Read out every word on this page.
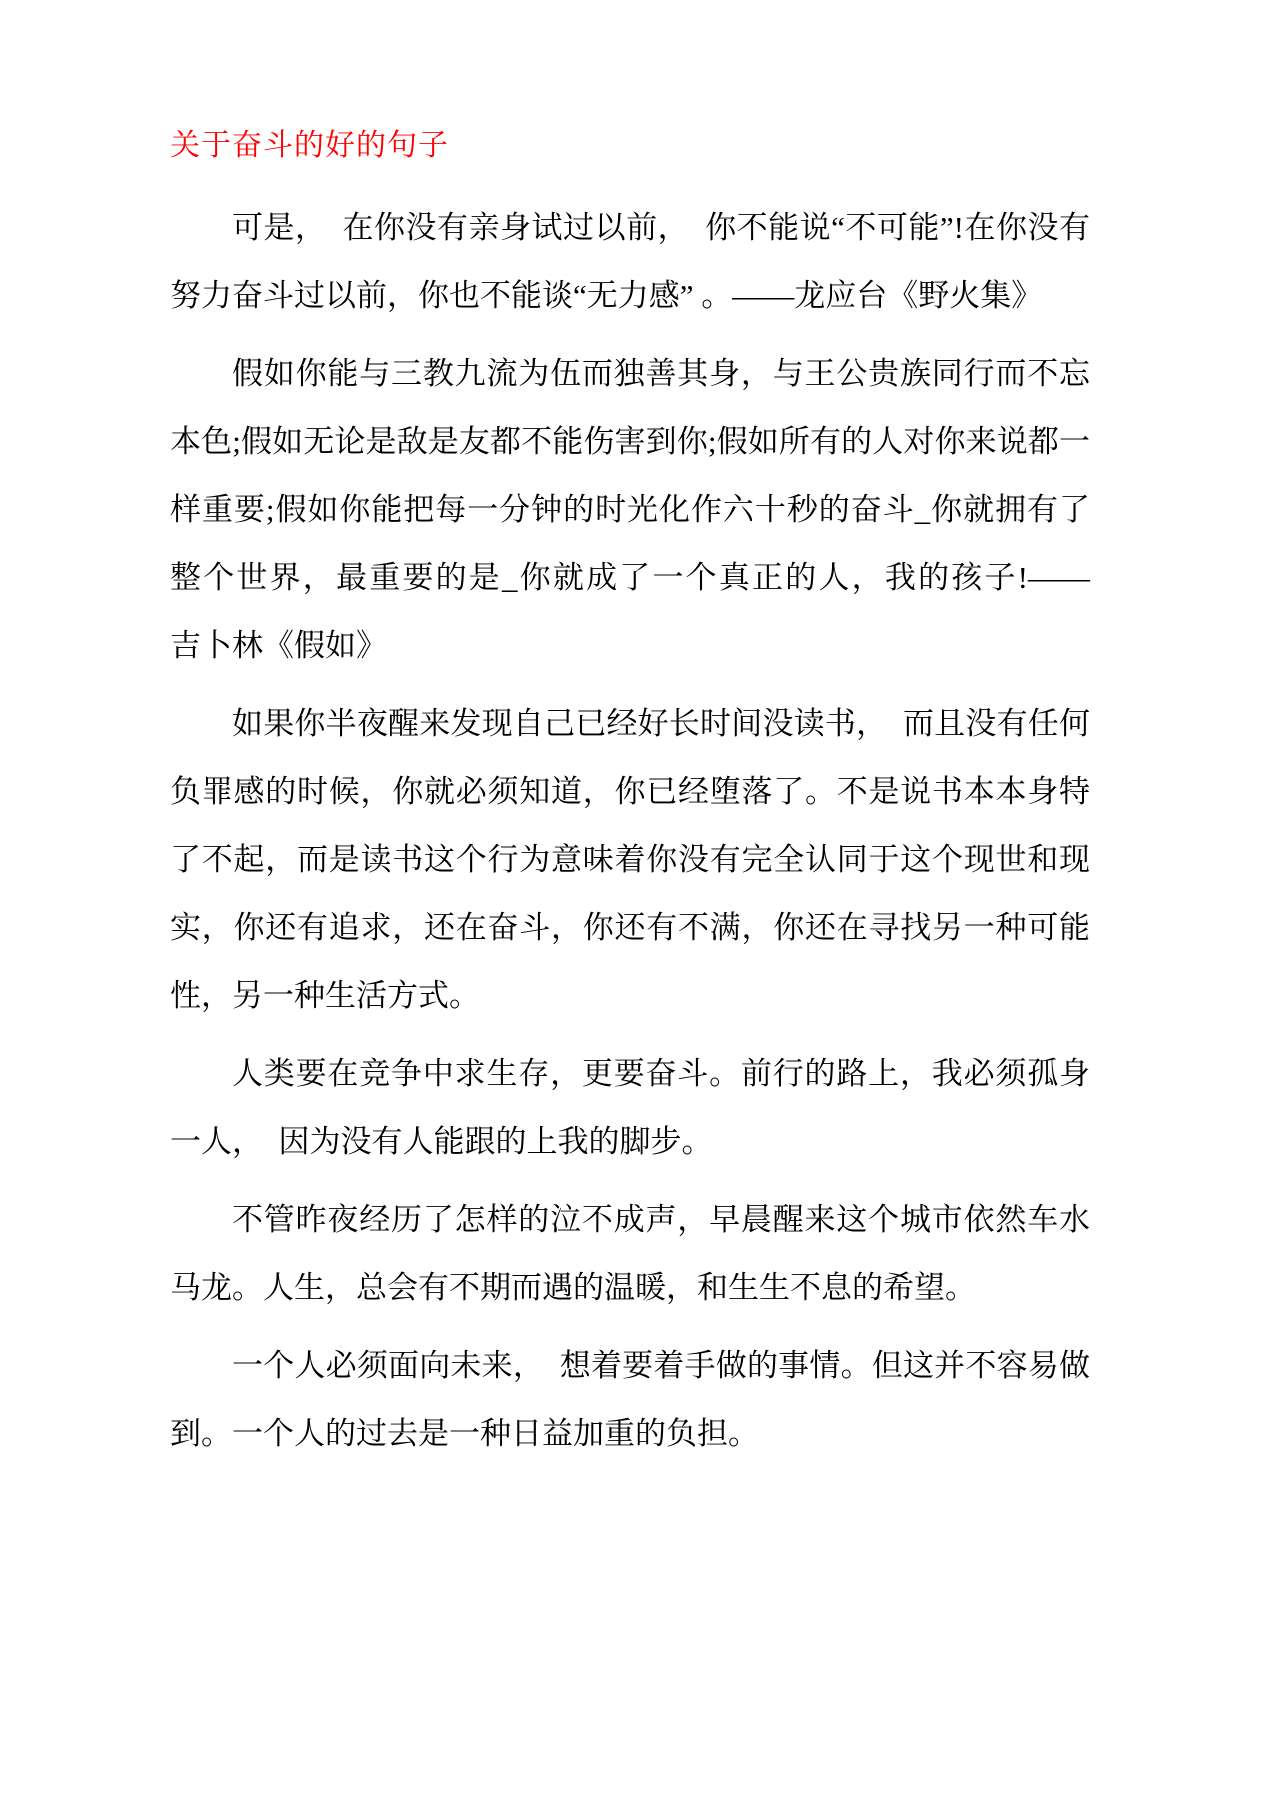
关于奋斗的好的句子

可是，　在你没有亲身试过以前，　你不能说“不可能”!在你没有努力奋斗过以前，你也不能谈“无力感” 。——龙应台《野火集》

假如你能与三教九流为伍而独善其身，与王公贵族同行而不忘本色;假如无论是敌是友都不能伤害到你;假如所有的人对你来说都一样重要;假如你能把每一分钟的时光化作六十秒的奋斗_你就拥有了整个世界，最重要的是_你就成了一个真正的人，我的孩子!——　吉卜林《假如》

如果你半夜醒来发现自己已经好长时间没读书，　而且没有任何负罪感的时候，你就必须知道，你已经堕落了。不是说书本本身特了不起，而是读书这个行为意味着你没有完全认同于这个现世和现实，你还有追求，还在奋斗，你还有不满，你还在寻找另一种可能性，另一种生活方式。

人类要在竞争中求生存，更要奋斗。前行的路上，我必须孤身一人，　因为没有人能跟的上我的脚步。

不管昨夜经历了怎样的泣不成声，早晨醒来这个城市依然车水马龙。人生，总会有不期而遇的温暖，和生生不息的希望。

一个人必须面向未来，　想着要着手做的事情。但这并不容易做到。一个人的过去是一种日益加重的负担。
